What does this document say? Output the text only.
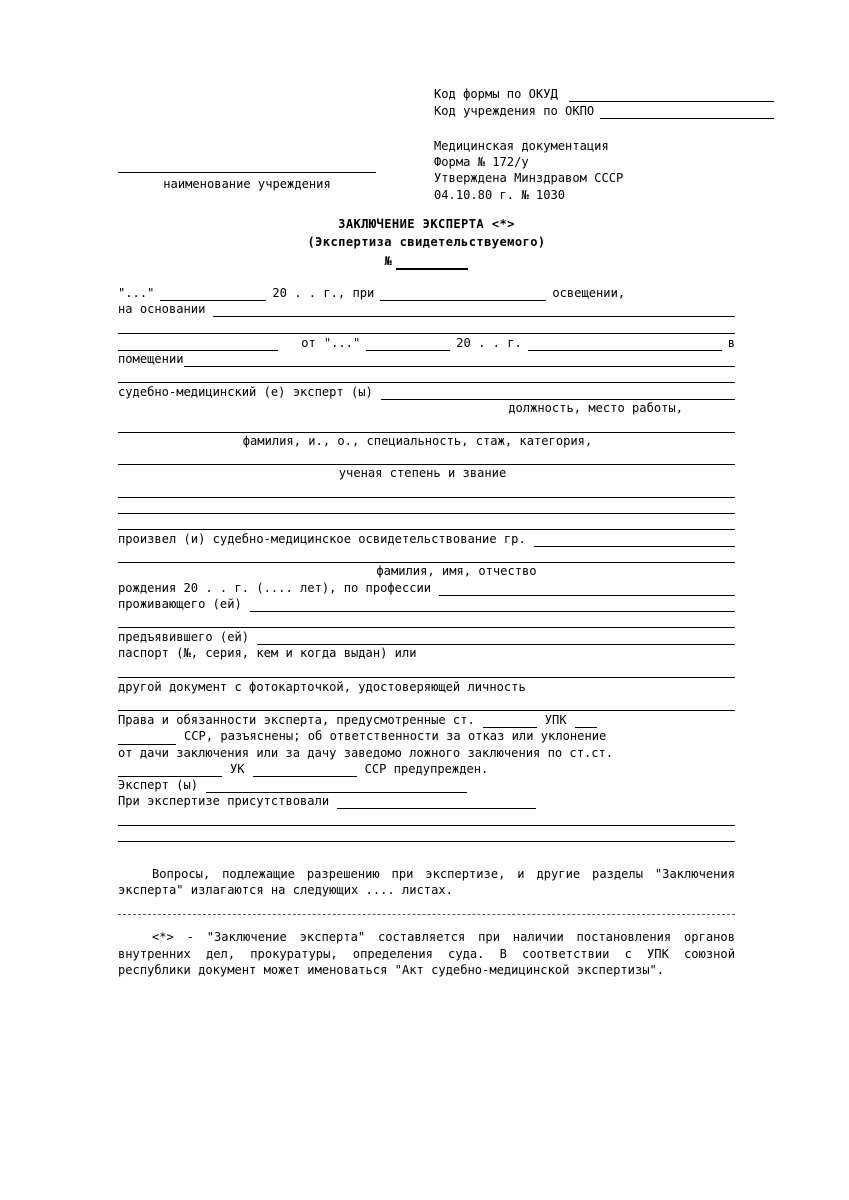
Код формы по ОКУД

Код учреждения по ОКПО
Медицинская документация
Форма № 172/у
Утверждена Минздравом СССР
04.10.80 г. № 1030
наименование учреждения
ЗАКЛЮЧЕНИЕ ЭКСПЕРТА <*>
(Экспертиза свидетельствуемого)
№
"..."	20 . . г., при	освещении,
на основании

от "..."	20 . . г.	в
помещении
судебно-медицинский (е) эксперт (ы)
должность, место работы,
фамилия, и., о., специальность, стаж, категория,
ученая степень и звание
произвел (и) судебно-медицинское освидетельствование гр.
фамилия, имя, отчество
рождения 20 . . г. (.... лет), по профессии
проживающего (ей)
предъявившего (ей)
паспорт (№, серия, кем и когда выдан) или
другой документ с фотокарточкой, удостоверяющей личность
Права и обязанности эксперта, предусмотренные ст.	УПК
ССР, разъяснены; об ответственности за отказ или уклонение
от дачи заключения или за дачу заведомо ложного заключения по ст.ст.
УК	ССР предупрежден.
Эксперт (ы)
При экспертизе присутствовали
Вопросы, подлежащие разрешению при экспертизе, и другие разделы "Заключения эксперта" излагаются на следующих .... листах.
<*> - "Заключение эксперта" составляется при наличии постановления органов внутренних дел, прокуратуры, определения суда. В соответствии с УПК союзной республики документ может именоваться "Акт судебно-медицинской экспертизы".
